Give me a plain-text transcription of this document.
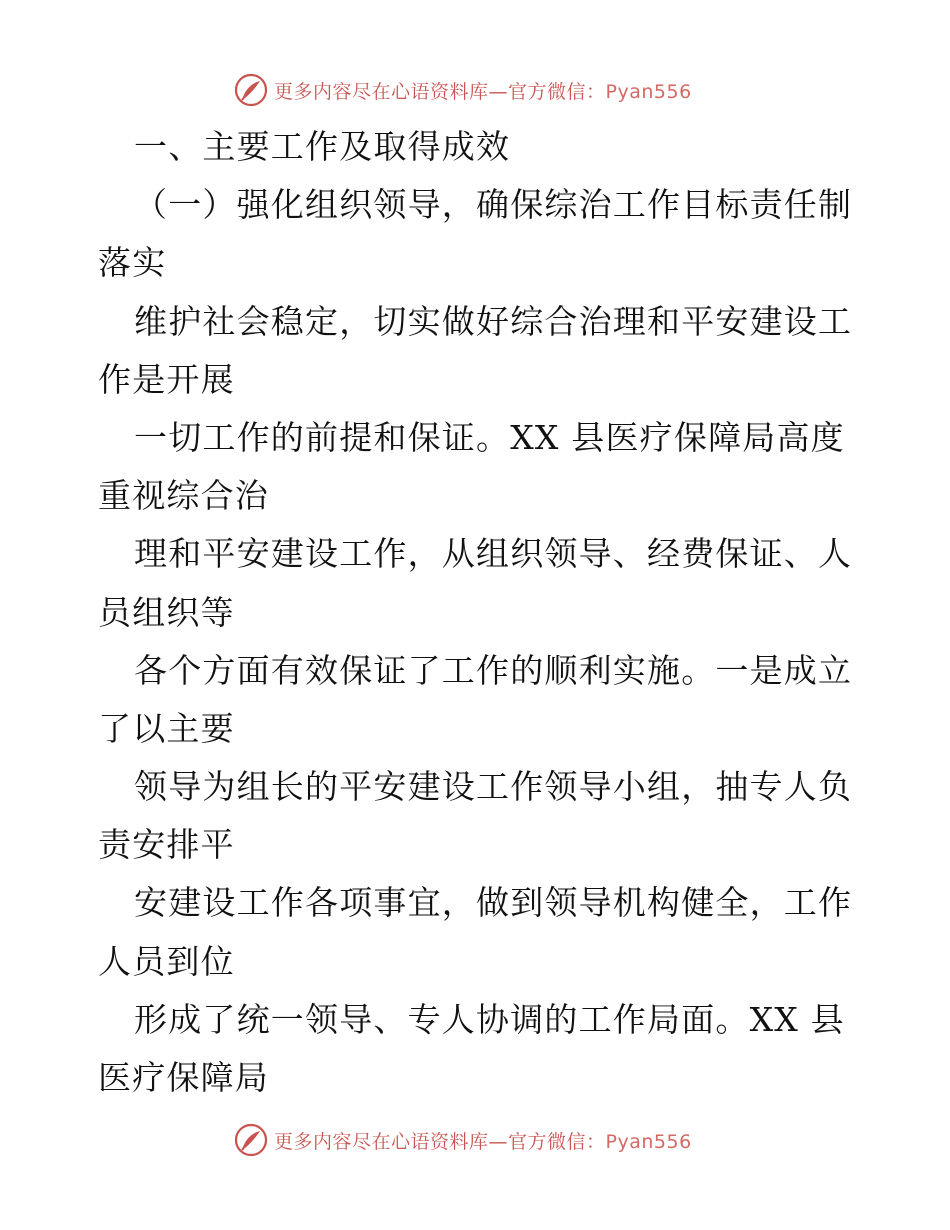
更多内容尽在心语资料库—官方微信：Pyan556
一、主要工作及取得成效
（一）强化组织领导，确保综治工作目标责任制
落实
维护社会稳定，切实做好综合治理和平安建设工
作是开展
一切工作的前提和保证。XX 县医疗保障局高度
重视综合治
理和平安建设工作，从组织领导、经费保证、人
员组织等
各个方面有效保证了工作的顺利实施。一是成立
了以主要
领导为组长的平安建设工作领导小组，抽专人负
责安排平
安建设工作各项事宜，做到领导机构健全，工作
人员到位
形成了统一领导、专人协调的工作局面。XX 县
医疗保障局
更多内容尽在心语资料库—官方微信：Pyan556
